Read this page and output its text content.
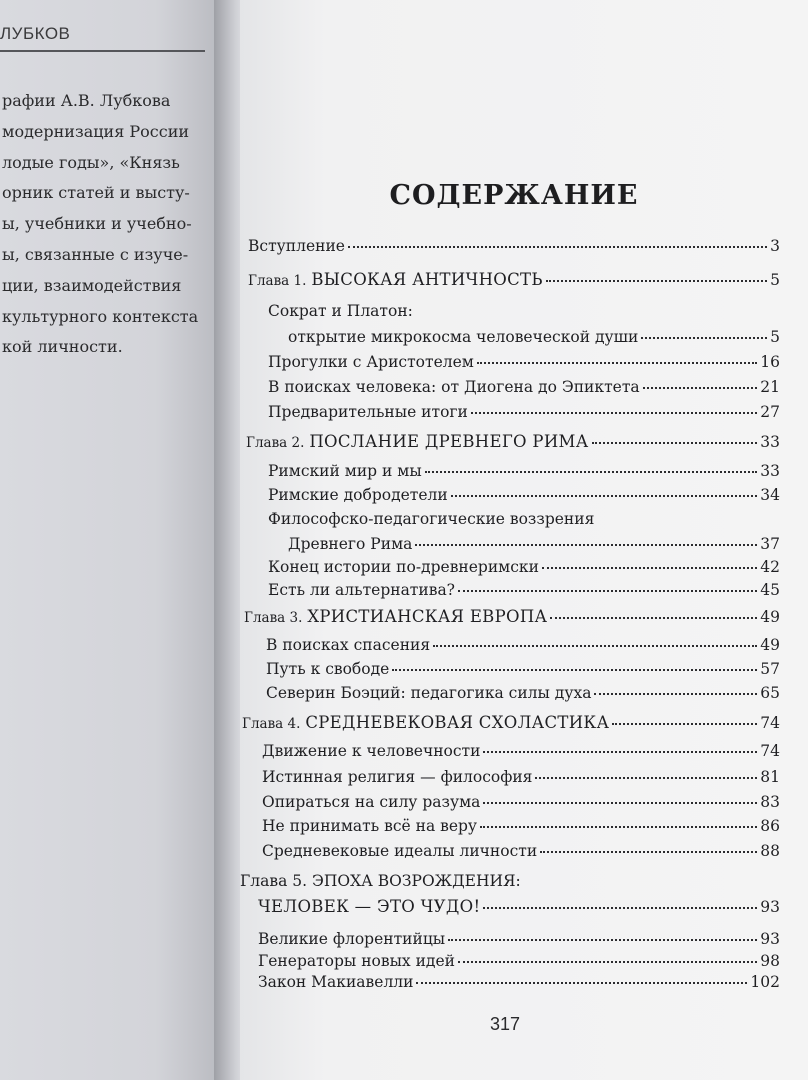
ЛУБКОВ
рафии А.В. Лубкова
модернизация России
лодые годы», «Князь
орник статей и высту-
ы, учебники и учебно-
ы, связанные с изуче-
ции, взаимодействия
культурного контекста
кой личности.
СОДЕРЖАНИЕ
Вступление	3
Глава 1. ВЫСОКАЯ АНТИЧНОСТЬ	5
Сократ и Платон:
открытие микрокосма человеческой души	5
Прогулки с Аристотелем	16
В поисках человека: от Диогена до Эпиктета	21
Предварительные итоги	27
Глава 2. ПОСЛАНИЕ ДРЕВНЕГО РИМА	33
Римский мир и мы	33
Римские добродетели	34
Философско-педагогические воззрения
Древнего Рима	37
Конец истории по-древнеримски	42
Есть ли альтернатива?	45
Глава 3. ХРИСТИАНСКАЯ ЕВРОПА	49
В поисках спасения	49
Путь к свободе	57
Северин Боэций: педагогика силы духа	65
Глава 4. СРЕДНЕВЕКОВАЯ СХОЛАСТИКА	74
Движение к человечности	74
Истинная религия — философия	81
Опираться на силу разума	83
Не принимать всё на веру	86
Средневековые идеалы личности	88
Глава 5. ЭПОХА ВОЗРОЖДЕНИЯ:
ЧЕЛОВЕК — ЭТО ЧУДО!	93
Великие флорентийцы	93
Генераторы новых идей	98
Закон Макиавелли	102
317
